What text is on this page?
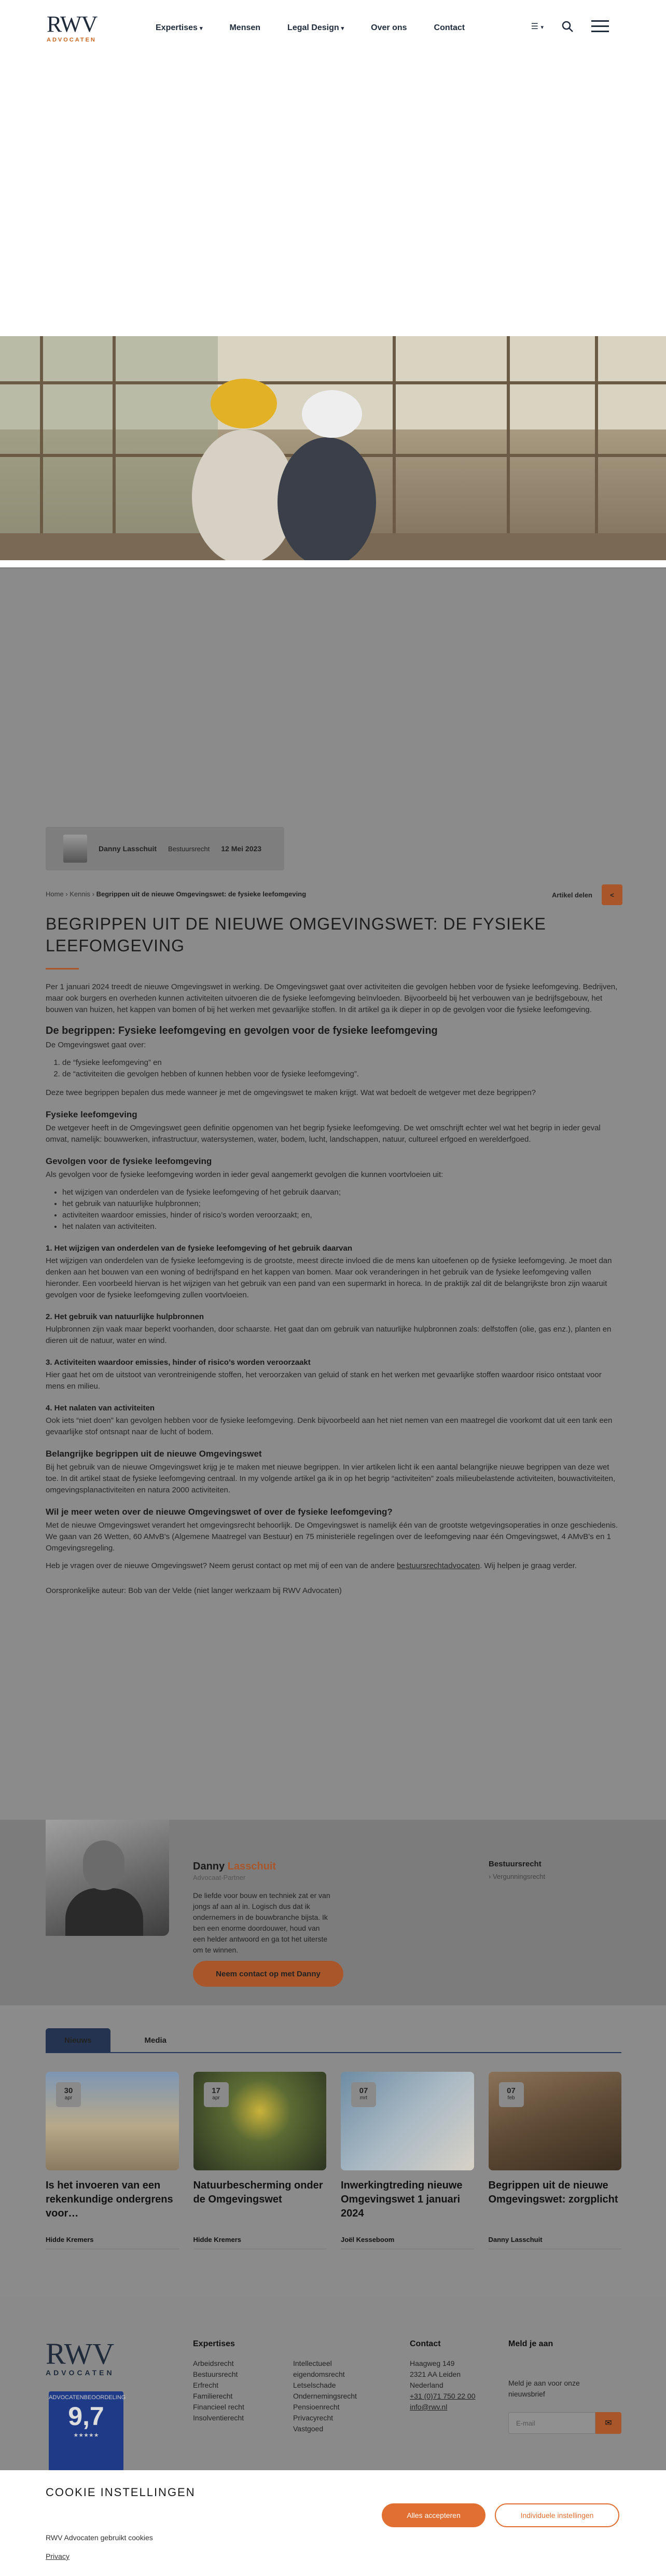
RWV
ADVOCATEN
Expertises ▾	Mensen	Legal Design ▾	Over ons	Contact	☰ ▾
Danny Lasschuit Bestuursrecht 12 Mei 2023
Home › Kennis › Begrippen uit de nieuwe Omgevingswet: de fysieke leefomgeving	Artikel delen	<
BEGRIPPEN UIT DE NIEUWE OMGEVINGSWET: DE FYSIEKE LEEFOMGEVING

Per 1 januari 2024 treedt de nieuwe Omgevingswet in werking. De Omgevingswet gaat over activiteiten die gevolgen hebben voor de fysieke leefomgeving. Bedrijven, maar ook burgers en overheden kunnen activiteiten uitvoeren die de fysieke leefomgeving beïnvloeden. Bijvoorbeeld bij het verbouwen van je bedrijfsgebouw, het bouwen van huizen, het kappen van bomen of bij het werken met gevaarlijke stoffen. In dit artikel ga ik dieper in op de gevolgen voor die fysieke leefomgeving.

De begrippen: Fysieke leefomgeving en gevolgen voor de fysieke leefomgeving

De Omgevingswet gaat over:

1. de “fysieke leefomgeving” en
2. de “activiteiten die gevolgen hebben of kunnen hebben voor de fysieke leefomgeving”.

Deze twee begrippen bepalen dus mede wanneer je met de omgevingswet te maken krijgt. Wat wat bedoelt de wetgever met deze begrippen?

Fysieke leefomgeving

De wetgever heeft in de Omgevingswet geen definitie opgenomen van het begrip fysieke leefomgeving. De wet omschrijft echter wel wat het begrip in ieder geval omvat, namelijk: bouwwerken, infrastructuur, watersystemen, water, bodem, lucht, landschappen, natuur, cultureel erfgoed en werelderfgoed.

Gevolgen voor de fysieke leefomgeving

Als gevolgen voor de fysieke leefomgeving worden in ieder geval aangemerkt gevolgen die kunnen voortvloeien uit:

• het wijzigen van onderdelen van de fysieke leefomgeving of het gebruik daarvan;
• het gebruik van natuurlijke hulpbronnen;
• activiteiten waardoor emissies, hinder of risico’s worden veroorzaakt; en,
• het nalaten van activiteiten.
1. Het wijzigen van onderdelen van de fysieke leefomgeving of het gebruik daarvan

Het wijzigen van onderdelen van de fysieke leefomgeving is de grootste, meest directe invloed die de mens kan uitoefenen op de fysieke leefomgeving. Je moet dan denken aan het bouwen van een woning of bedrijfspand en het kappen van bomen. Maar ook veranderingen in het gebruik van de fysieke leefomgeving vallen hieronder. Een voorbeeld hiervan is het wijzigen van het gebruik van een pand van een supermarkt in horeca. In de praktijk zal dit de belangrijkste bron zijn waaruit gevolgen voor de fysieke leefomgeving zullen voortvloeien.

2. Het gebruik van natuurlijke hulpbronnen

Hulpbronnen zijn vaak maar beperkt voorhanden, door schaarste. Het gaat dan om gebruik van natuurlijke hulpbronnen zoals: delfstoffen (olie, gas enz.), planten en dieren uit de natuur, water en wind.

3. Activiteiten waardoor emissies, hinder of risico’s worden veroorzaakt

Hier gaat het om de uitstoot van verontreinigende stoffen, het veroorzaken van geluid of stank en het werken met gevaarlijke stoffen waardoor risico ontstaat voor mens en milieu.

4. Het nalaten van activiteiten

Ook iets “niet doen” kan gevolgen hebben voor de fysieke leefomgeving. Denk bijvoorbeeld aan het niet nemen van een maatregel die voorkomt dat uit een tank een gevaarlijke stof ontsnapt naar de lucht of bodem.

Belangrijke begrippen uit de nieuwe Omgevingswet

Bij het gebruik van de nieuwe Omgevingswet krijg je te maken met nieuwe begrippen. In vier artikelen licht ik een aantal belangrijke nieuwe begrippen van deze wet toe. In dit artikel staat de fysieke leefomgeving centraal. In my volgende artikel ga ik in op het begrip “activiteiten” zoals milieubelastende activiteiten, bouwactiviteiten, omgevingsplanactiviteiten en natura 2000 activiteiten.

Wil je meer weten over de nieuwe Omgevingswet of over de fysieke leefomgeving?

Met de nieuwe Omgevingswet verandert het omgevingsrecht behoorlijk. De Omgevingswet is namelijk één van de grootste wetgevingsoperaties in onze geschiedenis. We gaan van 26 Wetten, 60 AMvB's (Algemene Maatregel van Bestuur) en 75 ministeriële regelingen over de leefomgeving naar één Omgevingswet, 4 AMvB's en 1 Omgevingsregeling.

Heb je vragen over de nieuwe Omgevingswet? Neem gerust contact op met mij of een van de andere bestuursrechtadvocaten. Wij helpen je graag verder.

Oorspronkelijke auteur: Bob van der Velde (niet langer werkzaam bij RWV Advocaten)

Danny Lasschuit
Advocaat-Partner
De liefde voor bouw en techniek zat er van jongs af aan al in. Logisch dus dat ik ondernemers in de bouwbranche bijsta. Ik ben een enorme doordouwer, houd van een helder antwoord en ga tot het uiterste om te winnen.
Neem contact op met Danny
Bestuursrecht
› Vergunningsrecht
Nieuws	Media
30
apr
Is het invoeren van een rekenkundige ondergrens voor…
Hidde Kremers
17
apr
Natuurbescherming onder de Omgevingswet
Hidde Kremers
07
mrt
Inwerkingtreding nieuwe Omgevingswet 1 januari 2024
Joël Kesseboom
07
feb
Begrippen uit de nieuwe Omgevingswet: zorgplicht
Danny Lasschuit
RWV
ADVOCATEN
ADVOCATENBEOORDELING
9,7
★★★★★
Expertises
Arbeidsrecht
Bestuursrecht
Erfrecht
Familierecht
Financieel recht
Insolventierecht
Intellectueel eigendomsrecht
Letselschade
Ondernemingsrecht
Pensioenrecht
Privacyrecht
Vastgoed
Contact
Haagweg 149
2321 AA Leiden
Nederland
+31 (0)71 750 22 00
info@rwv.nl
Meld je aan
Meld je aan voor onze nieuwsbrief
E-mail	✉
COOKIE INSTELLINGEN
RWV Advocaten gebruikt cookies
Privacy
Alles accepteren	Individuele instellingen
